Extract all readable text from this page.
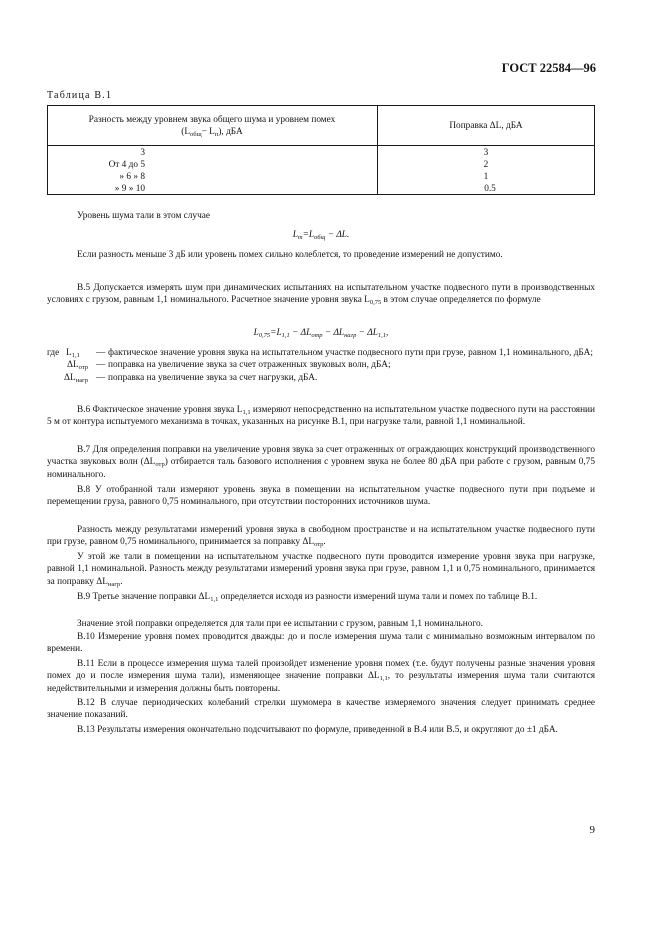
ГОСТ 22584—96
Таблица В.1
Разность между уровнем звука общего шума и уровнем помех
$(L_{общ}- L_п)$, дБА
Поправка ΔL, дБА
3
От 4 до 5
» 6 » 8
» 9 » 10
3
2
1
0.5
Уровень шума тали в этом случае
$L_т=L_{общ} - \Delta L$.
Если разность меньше 3 дБ или уровень помех сильно колеблется, то проведение измерений не допустимо.
В.5 Допускается измерять шум при динамических испытаниях на испытательном участке подвесного пути в производственных условиях с грузом, равным 1,1 номинального. Расчетное значение уровня звука $L_{0,75}$ в этом случае определяется по формуле
$L_{0,75}=L_{1,1} - \Delta L_{отр} - \Delta L_{нагр} - \Delta L_{1,1}$,
где $L_{1,1}$	— фактическое значение уровня звука на испытательном участке подвесного пути при грузе, равном 1,1 номинального, дБА;
$\Delta L_{отр}$ — поправка на увеличение звука за счет отраженных звуковых волн, дБА;
$\Delta L_{нагр}$ — поправка на увеличение звука за счет нагрузки, дБА.
В.6 Фактическое значение уровня звука $L_{1,1}$ измеряют непосредственно на испытательном участке подвесного пути на расстоянии 5 м от контура испытуемого механизма в точках, указанных на рисунке В.1, при нагрузке тали, равной 1,1 номинальной.
В.7 Для определения поправки на увеличение уровня звука за счет отраженных от ограждающих конструкций производственного участка звуковых волн $(\Delta L_{отр})$ отбирается таль базового исполнения с уровнем звука не более 80 дБА при работе с грузом, равным 0,75 номинального.
В.8 У отобранной тали измеряют уровень звука в помещении на испытательном участке подвесного пути при подъеме и перемещении груза, равного 0,75 номинального, при отсутствии посторонних источников шума.
Разность между результатами измерений уровня звука в свободном пространстве и на испытательном участке подвесного пути при грузе, равном 0,75 номинального, принимается за поправку $\Delta L_{отр}$.
У этой же тали в помещении на испытательном участке подвесного пути проводится измерение уровня звука при нагрузке, равной 1,1 номинальной. Разность между результатами измерений уровня звука при грузе, равном 1,1 и 0,75 номинального, принимается за поправку $\Delta L_{нагр}$.
В.9 Третье значение поправки $\Delta L_{1,1}$ определяется исходя из разности измерений шума тали и помех по таблице В.1.
Значение этой поправки определяется для тали при ее испытании с грузом, равным 1,1 номинального.
В.10 Измерение уровня помех проводится дважды: до и после измерения шума тали с минимально возможным интервалом по времени.
В.11 Если в процессе измерения шума талей произойдет изменение уровня помех (т.е. будут получены разные значения уровня помех до и после измерения шума тали), изменяющее значение поправки $\Delta L_{1,1}$, то результаты измерения шума тали считаются недействительными и измерения должны быть повторены.
В.12 В случае периодических колебаний стрелки шумомера в качестве измеряемого значения следует принимать среднее значение показаний.
В.13 Результаты измерения окончательно подсчитывают по формуле, приведенной в В.4 или В.5, и округляют до ±1 дБА.
9
